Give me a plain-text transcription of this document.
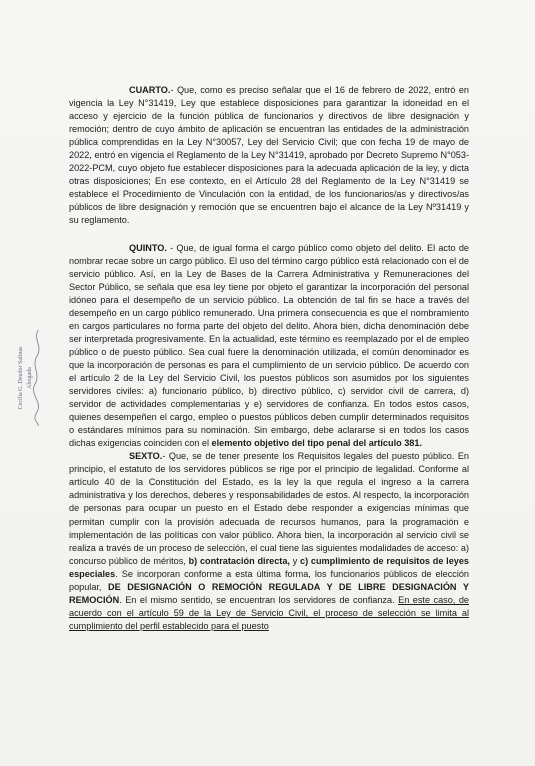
Cecilia G. Deudor Salinas Abogada

CUARTO.- Que, como es preciso señalar que el 16 de febrero de 2022, entró en vigencia la Ley N°31419, Ley que establece disposiciones para garantizar la idoneidad en el acceso y ejercicio de la función pública de funcionarios y directivos de libre designación y remoción; dentro de cuyo ámbito de aplicación se encuentran las entidades de la administración pública comprendidas en la Ley N°30057, Ley del Servicio Civil; que con fecha 19 de mayo de 2022, entró en vigencia el Reglamento de la Ley N°31419, aprobado por Decreto Supremo N°053-2022-PCM, cuyo objeto fue establecer disposiciones para la adecuada aplicación de la ley, y dicta otras disposiciones; En ese contexto, en el Artículo 28 del Reglamento de la Ley N°31419 se establece el Procedimiento de Vinculación con la entidad, de los funcionarios/as y directivos/as públicos de libre designación y remoción que se encuentren bajo el alcance de la Ley Nº31419 y su reglamento.

QUINTO. - Que, de igual forma el cargo público como objeto del delito. El acto de nombrar recae sobre un cargo público. El uso del término cargo público está relacionado con el de servicio público. Así, en la Ley de Bases de la Carrera Administrativa y Remuneraciones del Sector Público, se señala que esa ley tiene por objeto el garantizar la incorporación del personal idóneo para el desempeño de un servicio público. La obtención de tal fin se hace a través del desempeño en un cargo público remunerado. Una primera consecuencia es que el nombramiento en cargos particulares no forma parte del objeto del delito. Ahora bien, dicha denominación debe ser interpretada progresivamente. En la actualidad, este término es reemplazado por el de empleo público o de puesto público. Sea cual fuere la denominación utilizada, el común denominador es que la incorporación de personas es para el cumplimiento de un servicio público. De acuerdo con el artículo 2 de la Ley del Servicio Civil, los puestos públicos son asumidos por los siguientes servidores civiles: a) funcionario público, b) directivo público, c) servidor civil de carrera, d) servidor de actividades complementarias y e) servidores de confianza. En todos estos casos, quienes desempeñen el cargo, empleo o puestos públicos deben cumplir determinados requisitos o estándares mínimos para su nominación. Sin embargo, debe aclararse si en todos los casos dichas exigencias coinciden con el elemento objetivo del tipo penal del artículo 381.

SEXTO.- Que, se de tener presente los Requisitos legales del puesto público. En principio, el estatuto de los servidores públicos se rige por el principio de legalidad. Conforme al artículo 40 de la Constitución del Estado, es la ley la que regula el ingreso a la carrera administrativa y los derechos, deberes y responsabilidades de estos. Al respecto, la incorporación de personas para ocupar un puesto en el Estado debe responder a exigencias mínimas que permitan cumplir con la provisión adecuada de recursos humanos, para la programación e implementación de las políticas con valor público. Ahora bien, la incorporación al servicio civil se realiza a través de un proceso de selección, el cual tiene las siguientes modalidades de acceso: a) concurso público de méritos, b) contratación directa, y c) cumplimiento de requisitos de leyes especiales. Se incorporan conforme a esta última forma, los funcionarios públicos de elección popular, DE DESIGNACIÓN O REMOCIÓN REGULADA Y DE LIBRE DESIGNACIÓN Y REMOCIÓN. En el mismo sentido, se encuentran los servidores de confianza. En este caso, de acuerdo con el artículo 59 de la Ley de Servicio Civil, el proceso de selección se limita al cumplimiento del perfil establecido para el puesto
